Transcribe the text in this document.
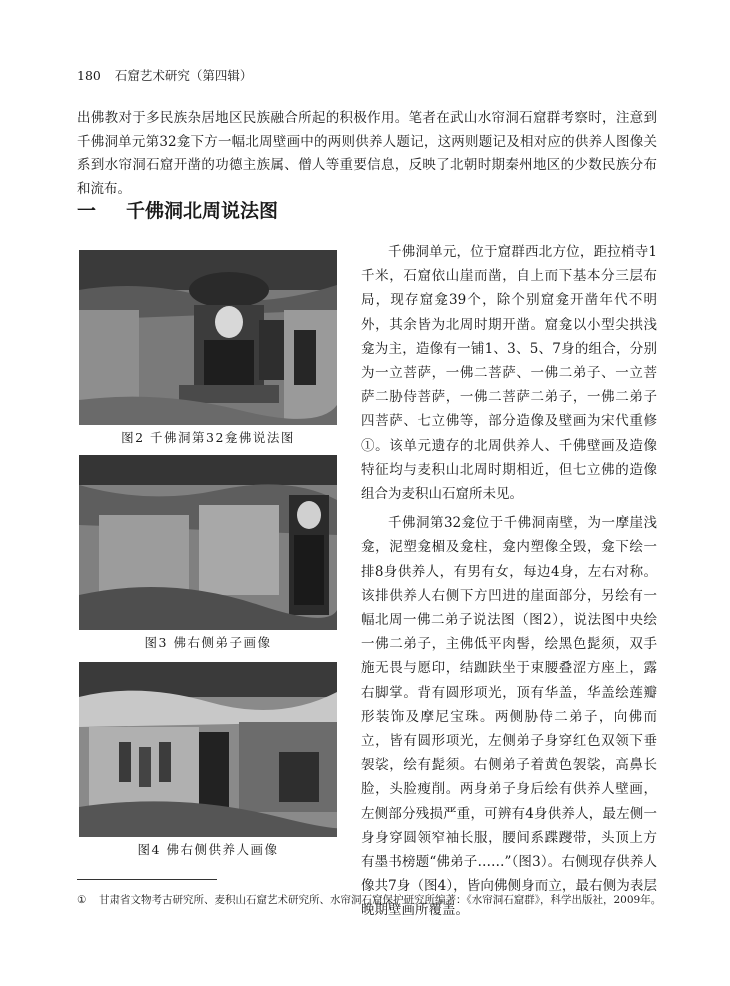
180 石窟艺术研究（第四辑）

出佛教对于多民族杂居地区民族融合所起的积极作用。笔者在武山水帘洞石窟群考察时，注意到千佛洞单元第32龛下方一幅北周壁画中的两则供养人题记，这两则题记及相对应的供养人图像关系到水帘洞石窟开凿的功德主族属、僧人等重要信息，反映了北朝时期秦州地区的少数民族分布和流布。

一 千佛洞北周说法图
图2 千佛洞第32龛佛说法图
图3 佛右侧弟子画像
图4 佛右侧供养人画像

千佛洞单元，位于窟群西北方位，距拉梢寺1千米，石窟依山崖而凿，自上而下基本分三层布局，现存窟龛39个，除个别窟龛开凿年代不明外，其余皆为北周时期开凿。窟龛以小型尖拱浅龛为主，造像有一铺1、3、5、7身的组合，分别为一立菩萨，一佛二菩萨、一佛二弟子、一立菩萨二胁侍菩萨，一佛二菩萨二弟子，一佛二弟子四菩萨、七立佛等，部分造像及壁画为宋代重修①。该单元遗存的北周供养人、千佛壁画及造像特征均与麦积山北周时期相近，但七立佛的造像组合为麦积山石窟所未见。

千佛洞第32龛位于千佛洞南壁，为一摩崖浅龛，泥塑龛楣及龛柱，龛内塑像全毁，龛下绘一排8身供养人，有男有女，每边4身，左右对称。该排供养人右侧下方凹进的崖面部分，另绘有一幅北周一佛二弟子说法图（图2），说法图中央绘一佛二弟子，主佛低平肉髻，绘黑色髭须，双手施无畏与愿印，结跏趺坐于束腰叠涩方座上，露右脚掌。背有圆形项光，顶有华盖，华盖绘莲瓣形装饰及摩尼宝珠。两侧胁侍二弟子，向佛而立，皆有圆形项光，左侧弟子身穿红色双领下垂袈裟，绘有髭须。右侧弟子着黄色袈裟，高鼻长脸，头脸瘦削。两身弟子身后绘有供养人壁画，左侧部分残损严重，可辨有4身供养人，最左侧一身身穿圆领窄袖长服，腰间系蹀躞带，头顶上方有墨书榜题“佛弟子……”（图3）。右侧现存供养人像共7身（图4），皆向佛侧身而立，最右侧为表层晚期壁画所覆盖。

① 甘肃省文物考古研究所、麦积山石窟艺术研究所、水帘洞石窟保护研究所编著：《水帘洞石窟群》，科学出版社，2009年。
